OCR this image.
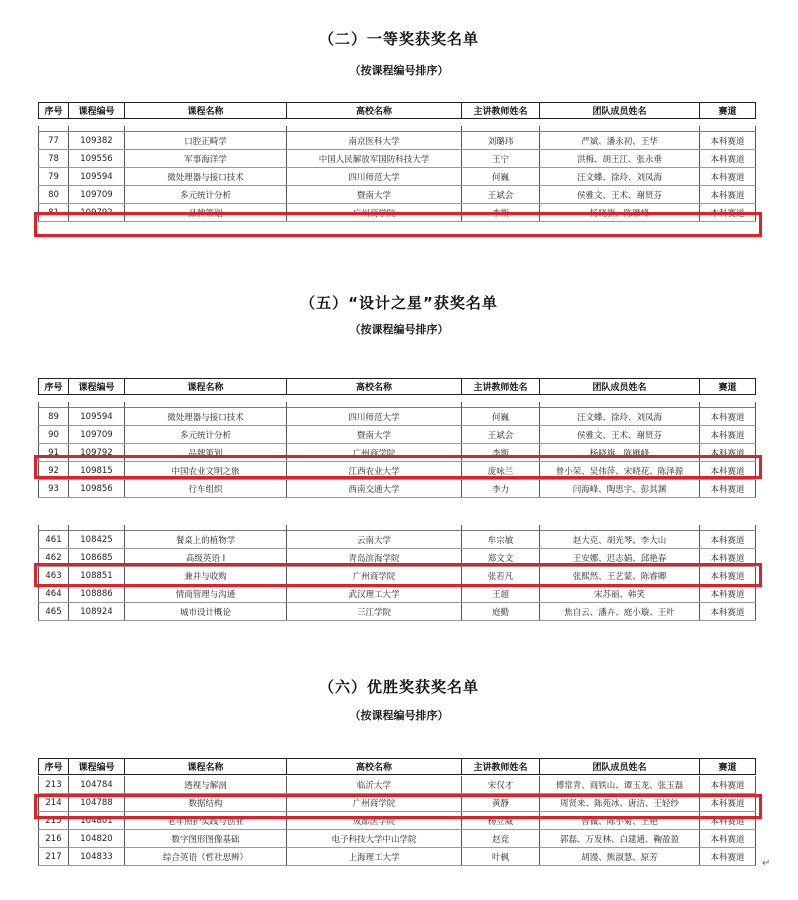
（二）一等奖获奖名单
（按课程编号排序）
序号	课程编号	课程名称	高校名称	主讲教师姓名	团队成员姓名	赛道

77	109382	口腔正畸学	南京医科大学	刘璐玮	严斌、潘永初、王华	本科赛道
78	109556	军事海洋学	中国人民解放军国防科技大学	王宁	洪梅、胡王江、张永垂	本科赛道
79	109594	微处理器与接口技术	四川师范大学	何巍	汪文蝶、徐玲、刘凤海	本科赛道
80	109709	多元统计分析	暨南大学	王斌会	侯雅文、王术、谢贤芬	本科赛道
81	109792	品牌策划	广州商学院	李斯	杨晓旗、陈雁峰	本科赛道
（五）“设计之星”获奖名单
（按课程编号排序）
序号	课程编号	课程名称	高校名称	主讲教师姓名	团队成员姓名	赛道

89	109594	微处理器与接口技术	四川师范大学	何巍	汪文蝶、徐玲、刘凤海	本科赛道
90	109709	多元统计分析	暨南大学	王斌会	侯雅文、王术、谢贤芬	本科赛道
91	109792	品牌策划	广州商学院	李斯	杨晓旗、陈雁峰	本科赛道
92	109815	中国农业文明之旅	江西农业大学	庞咏兰	曾小荣、吴伟萍、宋晓花、陈泽源	本科赛道
93	109856	行车组织	西南交通大学	李力	闫海峰、陶思宇、彭其渊	本科赛道

461	108425	餐桌上的植物学	云南大学	牟宗敏	赵大克、胡光琴、李大山	本科赛道
462	108685	高级英语 I	青岛滨海学院	郑文文	王安娜、迟志娟、邱艳春	本科赛道
463	108851	兼并与收购	广州商学院	张若凡	张熙然、王艺蒙、陈睿卿	本科赛道
464	108886	情商管理与沟通	武汉理工大学	王超	宋苏丽、韩笑	本科赛道
465	108924	城市设计概论	三江学院	庭勤	焦自云、潘卉、庭小璇、王叶	本科赛道
（六）优胜奖获奖名单
（按课程编号排序）
序号	课程编号	课程名称	高校名称	主讲教师姓名	团队成员姓名	赛道
213	104784	透视与解剖	临沂大学	宋仅才	傅常青、商铁山、谭玉龙、张玉磊	本科赛道
214	104788	数据结构	广州商学院	黄静	周贤来、陈苑冰、唐洁、王轻纱	本科赛道
215	104801	老年照护实践与创业	成都医学院	杨立威	曾薇、陈小菊、王艳	本科赛道
216	104820	数字图形图像基础	电子科技大学中山学院	赵竞	郭磊、万发林、白建通、鞠盈盈	本科赛道
217	104833	综合英语（哲社思辨）	上海理工大学	叶枫	胡漫、熊淑慧、原芳	本科赛道
↵
